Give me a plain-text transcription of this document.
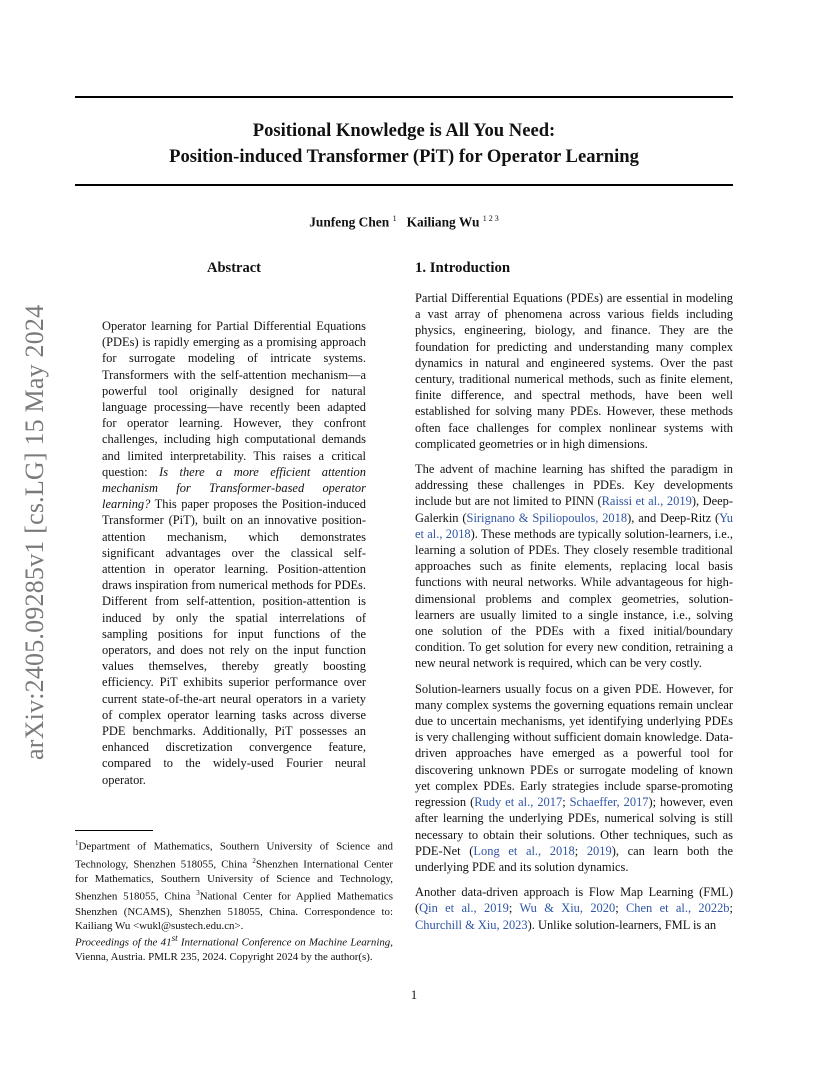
arXiv:2405.09285v1 [cs.LG] 15 May 2024
Positional Knowledge is All You Need:
Position-induced Transformer (PiT) for Operator Learning
Junfeng Chen $^1$ Kailiang Wu $^{1 2 3}$
Abstract
Operator learning for Partial Differential Equations (PDEs) is rapidly emerging as a promising approach for surrogate modeling of intricate systems. Transformers with the self-attention mechanism—a powerful tool originally designed for natural language processing—have recently been adapted for operator learning. However, they confront challenges, including high computational demands and limited interpretability. This raises a critical question: Is there a more efficient attention mechanism for Transformer-based operator learning? This paper proposes the Position-induced Transformer (PiT), built on an innovative position-attention mechanism, which demonstrates significant advantages over the classical self-attention in operator learning. Position-attention draws inspiration from numerical methods for PDEs. Different from self-attention, position-attention is induced by only the spatial interrelations of sampling positions for input functions of the operators, and does not rely on the input function values themselves, thereby greatly boosting efficiency. PiT exhibits superior performance over current state-of-the-art neural operators in a variety of complex operator learning tasks across diverse PDE benchmarks. Additionally, PiT possesses an enhanced discretization convergence feature, compared to the widely-used Fourier neural operator.
1. Introduction

Partial Differential Equations (PDEs) are essential in modeling a vast array of phenomena across various fields including physics, engineering, biology, and finance. They are the foundation for predicting and understanding many complex dynamics in natural and engineered systems. Over the past century, traditional numerical methods, such as finite element, finite difference, and spectral methods, have been well established for solving many PDEs. However, these methods often face challenges for complex nonlinear systems with complicated geometries or in high dimensions.

The advent of machine learning has shifted the paradigm in addressing these challenges in PDEs. Key developments include but are not limited to PINN (Raissi et al., 2019), Deep-Galerkin (Sirignano & Spiliopoulos, 2018), and Deep-Ritz (Yu et al., 2018). These methods are typically solution-learners, i.e., learning a solution of PDEs. They closely resemble traditional approaches such as finite elements, replacing local basis functions with neural networks. While advantageous for high-dimensional problems and complex geometries, solution-learners are usually limited to a single instance, i.e., solving one solution of the PDEs with a fixed initial/boundary condition. To get solution for every new condition, retraining a new neural network is required, which can be very costly.

Solution-learners usually focus on a given PDE. However, for many complex systems the governing equations remain unclear due to uncertain mechanisms, yet identifying underlying PDEs is very challenging without sufficient domain knowledge. Data-driven approaches have emerged as a powerful tool for discovering unknown PDEs or surrogate modeling of known yet complex PDEs. Early strategies include sparse-promoting regression (Rudy et al., 2017; Schaeffer, 2017); however, even after learning the underlying PDEs, numerical solving is still necessary to obtain their solutions. Other techniques, such as PDE-Net (Long et al., 2018; 2019), can learn both the underlying PDE and its solution dynamics.

Another data-driven approach is Flow Map Learning (FML) (Qin et al., 2019; Wu & Xiu, 2020; Chen et al., 2022b; Churchill & Xiu, 2023). Unlike solution-learners, FML is an

$^1$Department of Mathematics, Southern University of Science and Technology, Shenzhen 518055, China $^2$Shenzhen International Center for Mathematics, Southern University of Science and Technology, Shenzhen 518055, China $^3$National Center for Applied Mathematics Shenzhen (NCAMS), Shenzhen 518055, China. Correspondence to: Kailiang Wu <wukl@sustech.edu.cn>.
Proceedings of the 41st International Conference on Machine Learning, Vienna, Austria. PMLR 235, 2024. Copyright 2024 by the author(s).
1
